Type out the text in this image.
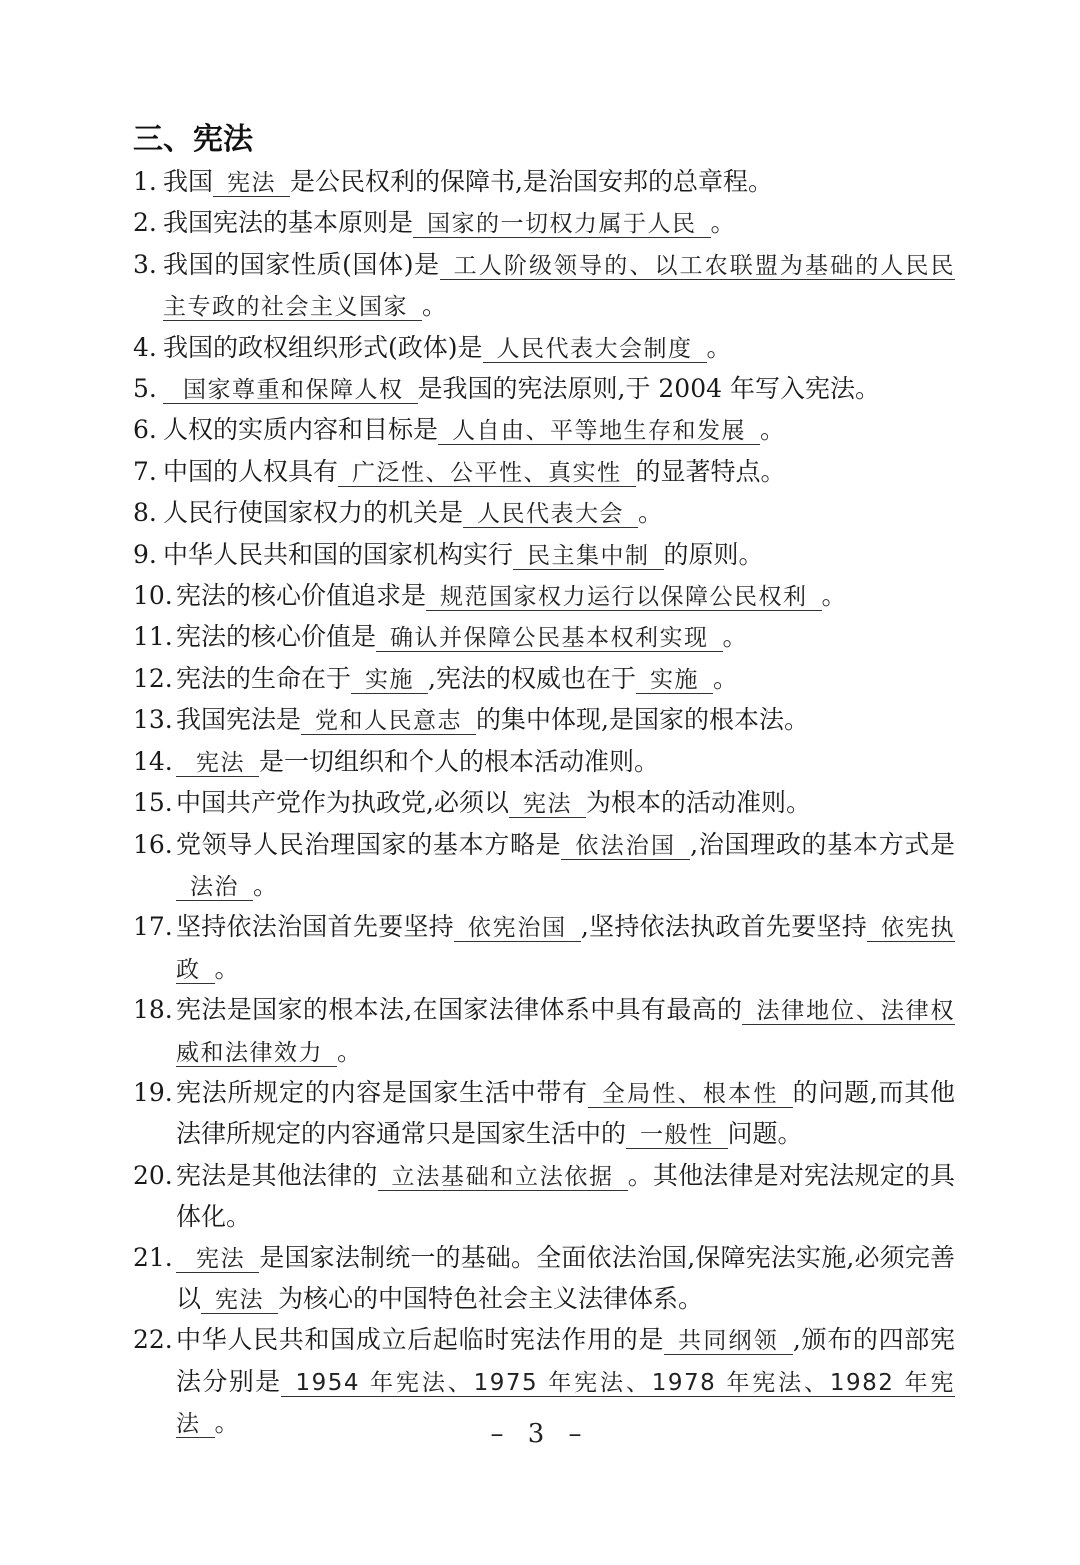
三、宪法
1. 我国 宪法 是公民权利的保障书,是治国安邦的总章程。
2. 我国宪法的基本原则是 国家的一切权力属于人民 。
3. 我国的国家性质(国体)是 工人阶级领导的、以工农联盟为基础的人民民主专政的社会主义国家 。
4. 我国的政权组织形式(政体)是 人民代表大会制度 。
5.	国家尊重和保障人权 是我国的宪法原则,于 2004 年写入宪法。
6. 人权的实质内容和目标是 人自由、平等地生存和发展 。
7. 中国的人权具有 广泛性、公平性、真实性 的显著特点。
8. 人民行使国家权力的机关是 人民代表大会 。
9. 中华人民共和国的国家机构实行 民主集中制 的原则。
10. 宪法的核心价值追求是 规范国家权力运行以保障公民权利 。
11. 宪法的核心价值是 确认并保障公民基本权利实现 。
12. 宪法的生命在于 实施 ,宪法的权威也在于 实施 。
13. 我国宪法是 党和人民意志 的集中体现,是国家的根本法。
14.	宪法 是一切组织和个人的根本活动准则。
15. 中国共产党作为执政党,必须以 宪法 为根本的活动准则。
16. 党领导人民治理国家的基本方略是 依法治国 ,治国理政的基本方式是法治 。
17. 坚持依法治国首先要坚持 依宪治国 ,坚持依法执政首先要坚持 依宪执政 。
18. 宪法是国家的根本法,在国家法律体系中具有最高的 法律地位、法律权威和法律效力 。
19. 宪法所规定的内容是国家生活中带有 全局性、根本性 的问题,而其他法律所规定的内容通常只是国家生活中的 一般性 问题。
20. 宪法是其他法律的 立法基础和立法依据 。其他法律是对宪法规定的具体化。
21.	宪法 是国家法制统一的基础。全面依法治国,保障宪法实施,必须完善以 宪法 为核心的中国特色社会主义法律体系。
22. 中华人民共和国成立后起临时宪法作用的是 共同纲领 ,颁布的四部宪法分别是 1954 年宪法、1975 年宪法、1978 年宪法、1982 年宪法 。	– 3 –
